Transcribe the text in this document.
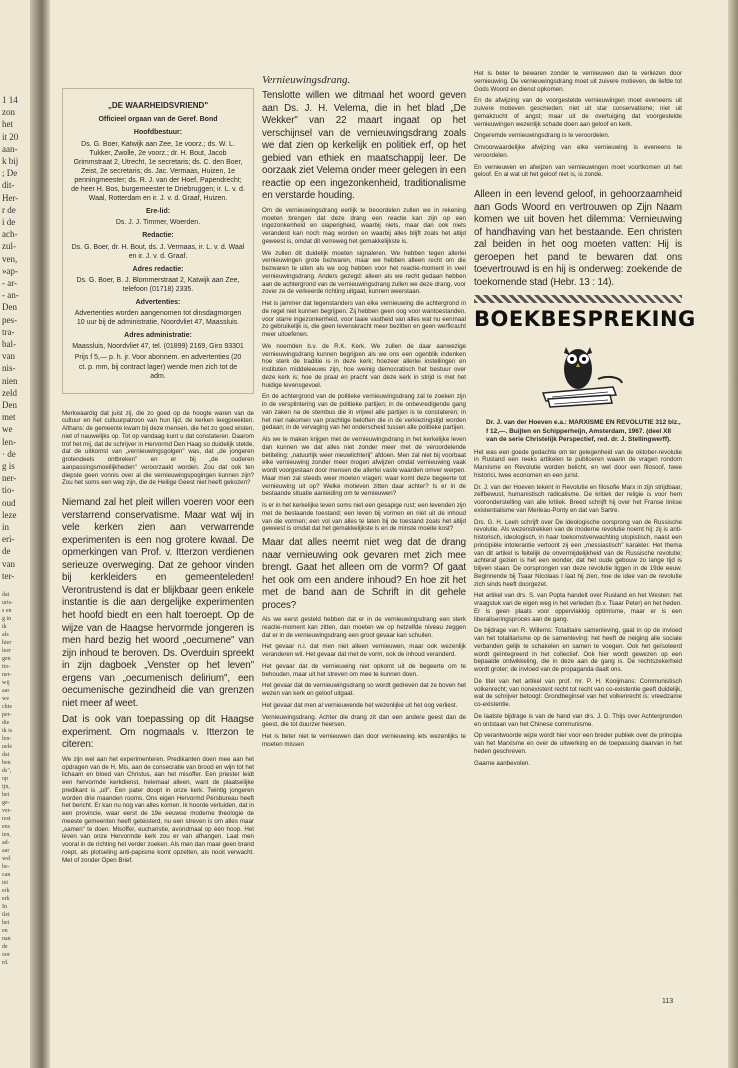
1 14
zon
het
it 20
aan-
k bij
; De
dit-
Her-
r de
i de
ach-
zul-
ven,
»ap-
- ar-
- an-
Den
pes-
tra-
bal-
van
nis-
nien
zeld
Den
met
we
len-
· de
g is
ner-
tio-
oud
leze
in
eri-
de
van
ter-
dat
uris-
s en
g in
ik
als
hier
leer
gen
tio-
ner-
wij
aar
we
chte
per-
die
ik is
len-
nele
dat
ben
ds",
op
ijn,
het
ge-
ver-
rest
ens
ten,
ad-
aar
wel
be-
can
iet
erk
erk
In
ilet
het
en
nan
de
oor
rd.
„DE WAARHEIDSVRIEND"

Officieel orgaan van de Geref. Bond

Hoofdbestuur:

Ds. G. Boer, Katwijk aan Zee, 1e voorz.; ds. W. L. Tukker, Zwolle, 2e voorz.; dr. H. Bout, Jacob Grimmstraat 2, Utrecht, 1e secretaris; ds. C. den Boer, Zeist, 2e secretaris; ds. Jac. Vermaas, Huizen, 1e penningmeester; ds. R. J. van der Hoef, Papendrecht; de heer H. Bos, burgemeester te Driebruggen; ir. L. v. d. Waal, Rotterdam en ir. J. v. d. Graaf, Huizen.

Ere-lid:

Ds. J. J. Timmer, Woerden.

Redactie:

Ds. G. Boer, dr. H. Bout, ds. J. Vermaas, ir. L. v. d. Waal en ir. J. v. d. Graaf.

Adres redactie:

Ds. G. Boer, B. J. Blommerstraat 2, Katwijk aan Zee, telefoon (01718) 2335.

Advertenties:

Advertenties worden aangenomen tot dinsdagmorgen 10 uur bij de administratie, Noordvliet 47, Maassluis.

Adres administratie:

Maassluis, Noordvliet 47, tel. (01899) 2169, Giro 93301

Prijs f 5,— p. h. jr. Voor abonnem. en advertenties (20 ct. p. mm, bij contract lager) wende men zich tot de adm.

Merkwaardig dat juist zij, die zo goed op de hoogte waren van de cultuur en het cultuurpatroon van hun tijd, de kerken leegpreekten. Althans: de gemeente kwam bij deze mensen, die het zo goed wisten, niet of nauwelijks op. Tot op vandaag kunt u dat constateren. Daarom trof het mij, dat de schrijver in Hervormd Den Haag so duidelijk stelde, dat de uitkomst van „vernieuwingsgolgen" was, dat „de jongeren grotendeels ontbreken" en er bij „de ouderen aanpassingsmoeilijkheden" veroorzaakt worden. Zou dat ook ten diepste geen vonnis over al die vernieuwingspogingen kunnen zijn? Zou het soms een weg zijn, die de Heilige Geest niet heeft gekozen?

Niemand zal het pleit willen voeren voor een verstarrend conservatisme. Maar wat wij in vele kerken zien aan verwarrende experimenten is een nog grotere kwaal. De opmerkingen van Prof. v. Itterzon verdienen serieuze overweging. Dat ze gehoor vinden bij kerkleiders en gemeenteleden! Verontrustend is dat er blijkbaar geen enkele instantie is die aan dergelijke experimenten het hoofd biedt en een halt toeroept. Op de wijze van de Haagse hervormde jongeren is men hard bezig het woord „oecumene" van zijn inhoud te beroven. Ds. Overduin spreekt in zijn dagboek „Venster op het leven" ergens van „oecumenisch delirium", een oecumenische gezindheid die van grenzen niet meer af weet.

Dat is ook van toepassing op dit Haagse experiment. Om nogmaals v. Itterzon te citeren:

We zijn wel aan het experimenteren. Predikanten doen mee aan het opdragen van de H. Mis, aan de consecratie van brood en wijn tot het lichaam en bloed van Christus, aan het misoffer. Een priester leidt een hervormde kerkdienst, helemaal alleen, want de plaatselijke predikant is „uit". Een pater doopt in onze kerk. Twintig jongeren worden drie maanden rooms. Ons eigen Hervormd Persbureau heeft het bericht. Er kan nu nog van alles komen. Ik hoorde verluiden, dat in een provincie, waar eerst de 19e eeuwse moderne theologie de meeste gemeenten heeft geteisterd, nu een streven is om alles maar „samen" te doen. Misoffer, eucharistie, avondmaal op één hoop. Het leven van onze Hervormde kerk zou er van afhangen. Laat men vooral in de richting het verder zoeken. Als men dan maar geen brand roept, als plotseling anti-papisme komt opzetten, als nooit verwacht. Met of zonder Open Brief.

Vernieuwingsdrang.

Tenslotte willen we ditmaal het woord geven aan Ds. J. H. Velema, die in het blad „De Wekker" van 22 maart ingaat op het verschijnsel van de vernieuwingsdrang zoals we dat zien op kerkelijk en politiek erf, op het gebied van ethiek en maatschappij leer. De oorzaak ziet Velema onder meer gelegen in een reactie op een ingezonkenheid, traditionalisme en verstarde houding.

Om de vernieuwingsdrang eerlijk te beoordelen zullen we in rekening moeten brengen dat deze drang een reactie kan zijn op een ingezonkenheid en slaperigheid, waarbij niets, maar dan ook niets veranderd kan noch mag worden en waarbij alles blijft zoals het altijd geweest is, omdat dit verreweg het gemakkelijkste is.

We zullen dit duidelijk moeten signaleren. We hebben tegen allerlei vernieuwingen grote bezwaren, maar we hebben alleen recht om die bezwaren te uiten als we oog hebben voor het reactie-moment in veel vernieuwingsdrang. Anders gezegd: alleen als we recht gedaan hebben aan de achtergrond van de vernieuwingsdrang zullen we deze drang, voor zover ze de verkeerde richting uitgaat, kunnen weerstaan.

Het is jammer dat tegenstanders van elke vernieuwing die achtergrond in de regel niet kunnen begrijpen. Zij hebben geen oog voor wantoestanden, voor starre ingezonkenheid, voor taaie vastheid van alles wat nu eenmaal zo gebruikelijk is, die geen levenskracht meer bezitten en geen werfkracht meer uitoefenen.

We noemden b.v. de R.K. Kerk. We zullen de daar aanwezige vernieuwingsdrang kunnen begrijpen als we ons een ogenblik indenken hoe sterk de traditie is in deze kerk; hoezeer allerlei instellingen en instituten middeleeuws zijn, hoe weinig democratisch het bestuur over deze kerk is; hoe de praal en pracht van deze kerk in strijd is met het huidige levensgevoel.

En de achtergrond van de politieke vernieuwingsdrang zal te zoeken zijn in de versplintering van de politieke partijen; in de onbevredigende gang van zaken na de stembus die in vrijwel alle partijen is te constateren; in het niet nakomen van prachtige beloften die in de verkiezingstijd worden gedaan; in de vervaging van het onderscheid tussen alle politieke partijen.

Als we te maken krijgen met de vernieuwingsdrang in het kerkelijke leven dan kunnen we dat alles niet zonder meer met de veroordelende betiteling: „natuurlijk weer nieuwlichterij" afdoen. Men zal niet bij voorbaat elke vernieuwing zonder meer mogen afwijzen omdat vernieuwing vaak wordt voorgestaan door mensen die allerlei vaste waarden omver werpen. Maar men zal steeds weer moeten vragen: waar komt deze begeerte tot vernieuwing uit op? Welke motieven zitten daar achter? Is er in de bestaande situatie aanleiding om te vernieuwen?

Is er in het kerkelijke leven soms niet een gesapige rust; een levenden zijn met de bestaande toestand; een leven bij vormen en niet uit de inhoud van die vormen; een vol van alles te laten bij de toestand zoals het altijd geweest is omdat dat het gemakkelijkste is en de minste moeite kost?

Maar dat alles neemt niet weg dat de drang naar vernieuwing ook gevaren met zich mee brengt. Gaat het alleen om de vorm? Of gaat het ook om een andere inhoud? En hoe zit het met de band aan de Schrift in dit gehele proces?

Als we eerst gesteld hebben dat er in de vernieuwingsdrang een sterk reactie-moment kan zitten, dan moeten we op hetzelfde niveau zeggen dat er in de vernieuwingsdrang een groot gevaar kan schuilen.

Het gevaar n.l. dat men niet alleen vernieuwen, maar ook wezenlijk veranderen wil. Het gevaar dat met de vorm, ook de inhoud veranderd.

Het gevaar dat de vernieuwing niet opkomt uit de begeerte om te behouden, maar uit het streven om mee te kunnen doen.

Het gevaar dat de vernieuwingsdrang so wordt gedreven dat ze boven het wezen van kerk en geloof uitgaat.

Het gevaar dat men al vernieuwende het wezenlijke uit het oog verliest.

Vernieuwingsdrang. Achter die drang zit dan een andere geest dan de geest, die tot duurzer heersen.

Het is beter niet te vernieuwen dan door vernieuwing iets wezenlijks te moeten missen

Het is beter te bewaren zonder te vernieuwen dan te verliezen door vernieuwing. De vernieuwingsdrang moet uit zuivere motieven, de liefde tot Gods Woord en dienst opkomen.

En de afwijzing van de voorgestelde vernieuwingen moet eveneens uit zuivere motieven geschieden; niet uit star conservatisme; niet uit gemakzucht of angst; maar uit de overtuiging dat voorgestelde vernieuwingen wezenlijk schade doen aan geloof en kerk.

Ongeremde vernieuwingsdrang is te veroordelen.

Onvoorwaardelijke afwijzing van elke vernieuwing is eveneens te veroordelen.

En vernieuwen en afwijzen van vernieuwingen moet voortkomen uit het geloof. En al wat uit het geloof niet is, is zonde.

Alleen in een levend geloof, in gehoorzaamheid aan Gods Woord en vertrouwen op Zijn Naam komen we uit boven het dilemma: Vernieuwing of handhaving van het bestaande. Een christen zal beiden in het oog moeten vatten: Hij is geroepen het pand te bewaren dat ons toevertrouwd is en hij is onderweg: zoekende de toekomende stad (Hebr. 13 : 14).

BOEKBESPREKING

Dr. J. van der Hoeven e.a.: MARXISME EN REVOLUTIE 312 blz., f 12,—. Buijten en Schipperheijn, Amsterdam, 1967. (deel XII van de serie Christelijk Perspectief, red. dr. J. Stellingwerff).

Het was een goede gedachte om ter gelegenheid van de oktober-revolutie in Rusland een reeks artikelen te publiceren waarin de vragen rondom Marxisme en Revolutie worden belicht, en wel door een filosoof, twee historici, twee economen en een jurist.

Dr. J. van der Hoeven tekent in Revolutie en filosofie Marx in zijn strijdbaar, zelfbewust, humanistisch radicalisme. De kritiek der religie is voor hem vooronderstelling van alle kritiek. Breed schrijft hij over het Franse linkse existentialisme van Merleau-Ponty en dat van Sartre.

Drs. G. H. Leeh schrijft over De ideologische oorsprong van de Russische revolutie. Als wezenstrekken van de moderne revolutie noemt hij: zij is anti-historisch, ideologisch, in haar toekomstverwachting utopistisch, naast een principiële intolerantie vertoont zij een „messiastisch" karakter. Het thema van dit artikel is feitelijk de onvermijdelijkheid van de Russische revolutie; achteraf gezien is het een wonder, dat het oude gebouw zo lange tijd is blijven staan. De oorsprongen van deze revolutie liggen in de 19de eeuw. Beginnende bij Tsaar Nicolaas I laat hij zien, hoe de idee van de revolutie zich sinds heeft doorgezet.

Het artikel van drs. S. van Popta handelt over Rusland en het Westen: het vraagstuk van de eigen weg in het verleden (b.v. Tsaar Peter) en het heden. Er is geen plaats voor oppervlakkig optimisme, maar er is een liberaliseringsproces aan de gang.

De bijdrage van R. Willems: Totalitaire samenleving, gaat in op de invloed van het totalitarisme op de samenleving: het heeft de neiging alle sociale verbanden gelijk te schakelen en samen te voegen. Ook het geïsoleerd wordt geïntegreerd in het collectief. Ook hier wordt gewezen op een bepaalde ontwikkeling, die in deze aan de gang is. De rechtszekerheid wordt groter; de invloed van de propaganda daalt ons.

De titel van het artikel van prof. mr. P. H. Kooijmans: Communistisch volkenrecht; van nonexistent recht tot recht van co-existentie geeft duidelijk, wat de schrijver betoogt: Grondbeginsel van het volkenrecht is: vreedzame co-existentie.

De laatste bijdrage is van de hand van drs. J. D. Thijs over Achtergronden en ontstaan van het Chinese communisme.

Op verantwoorde wijze wordt hier voor een breder publiek over de principia van het Marxisme en over de uitwerking en de toepassing daarvan in het heden geschreven.

Gaarne aanbevolen.

113
